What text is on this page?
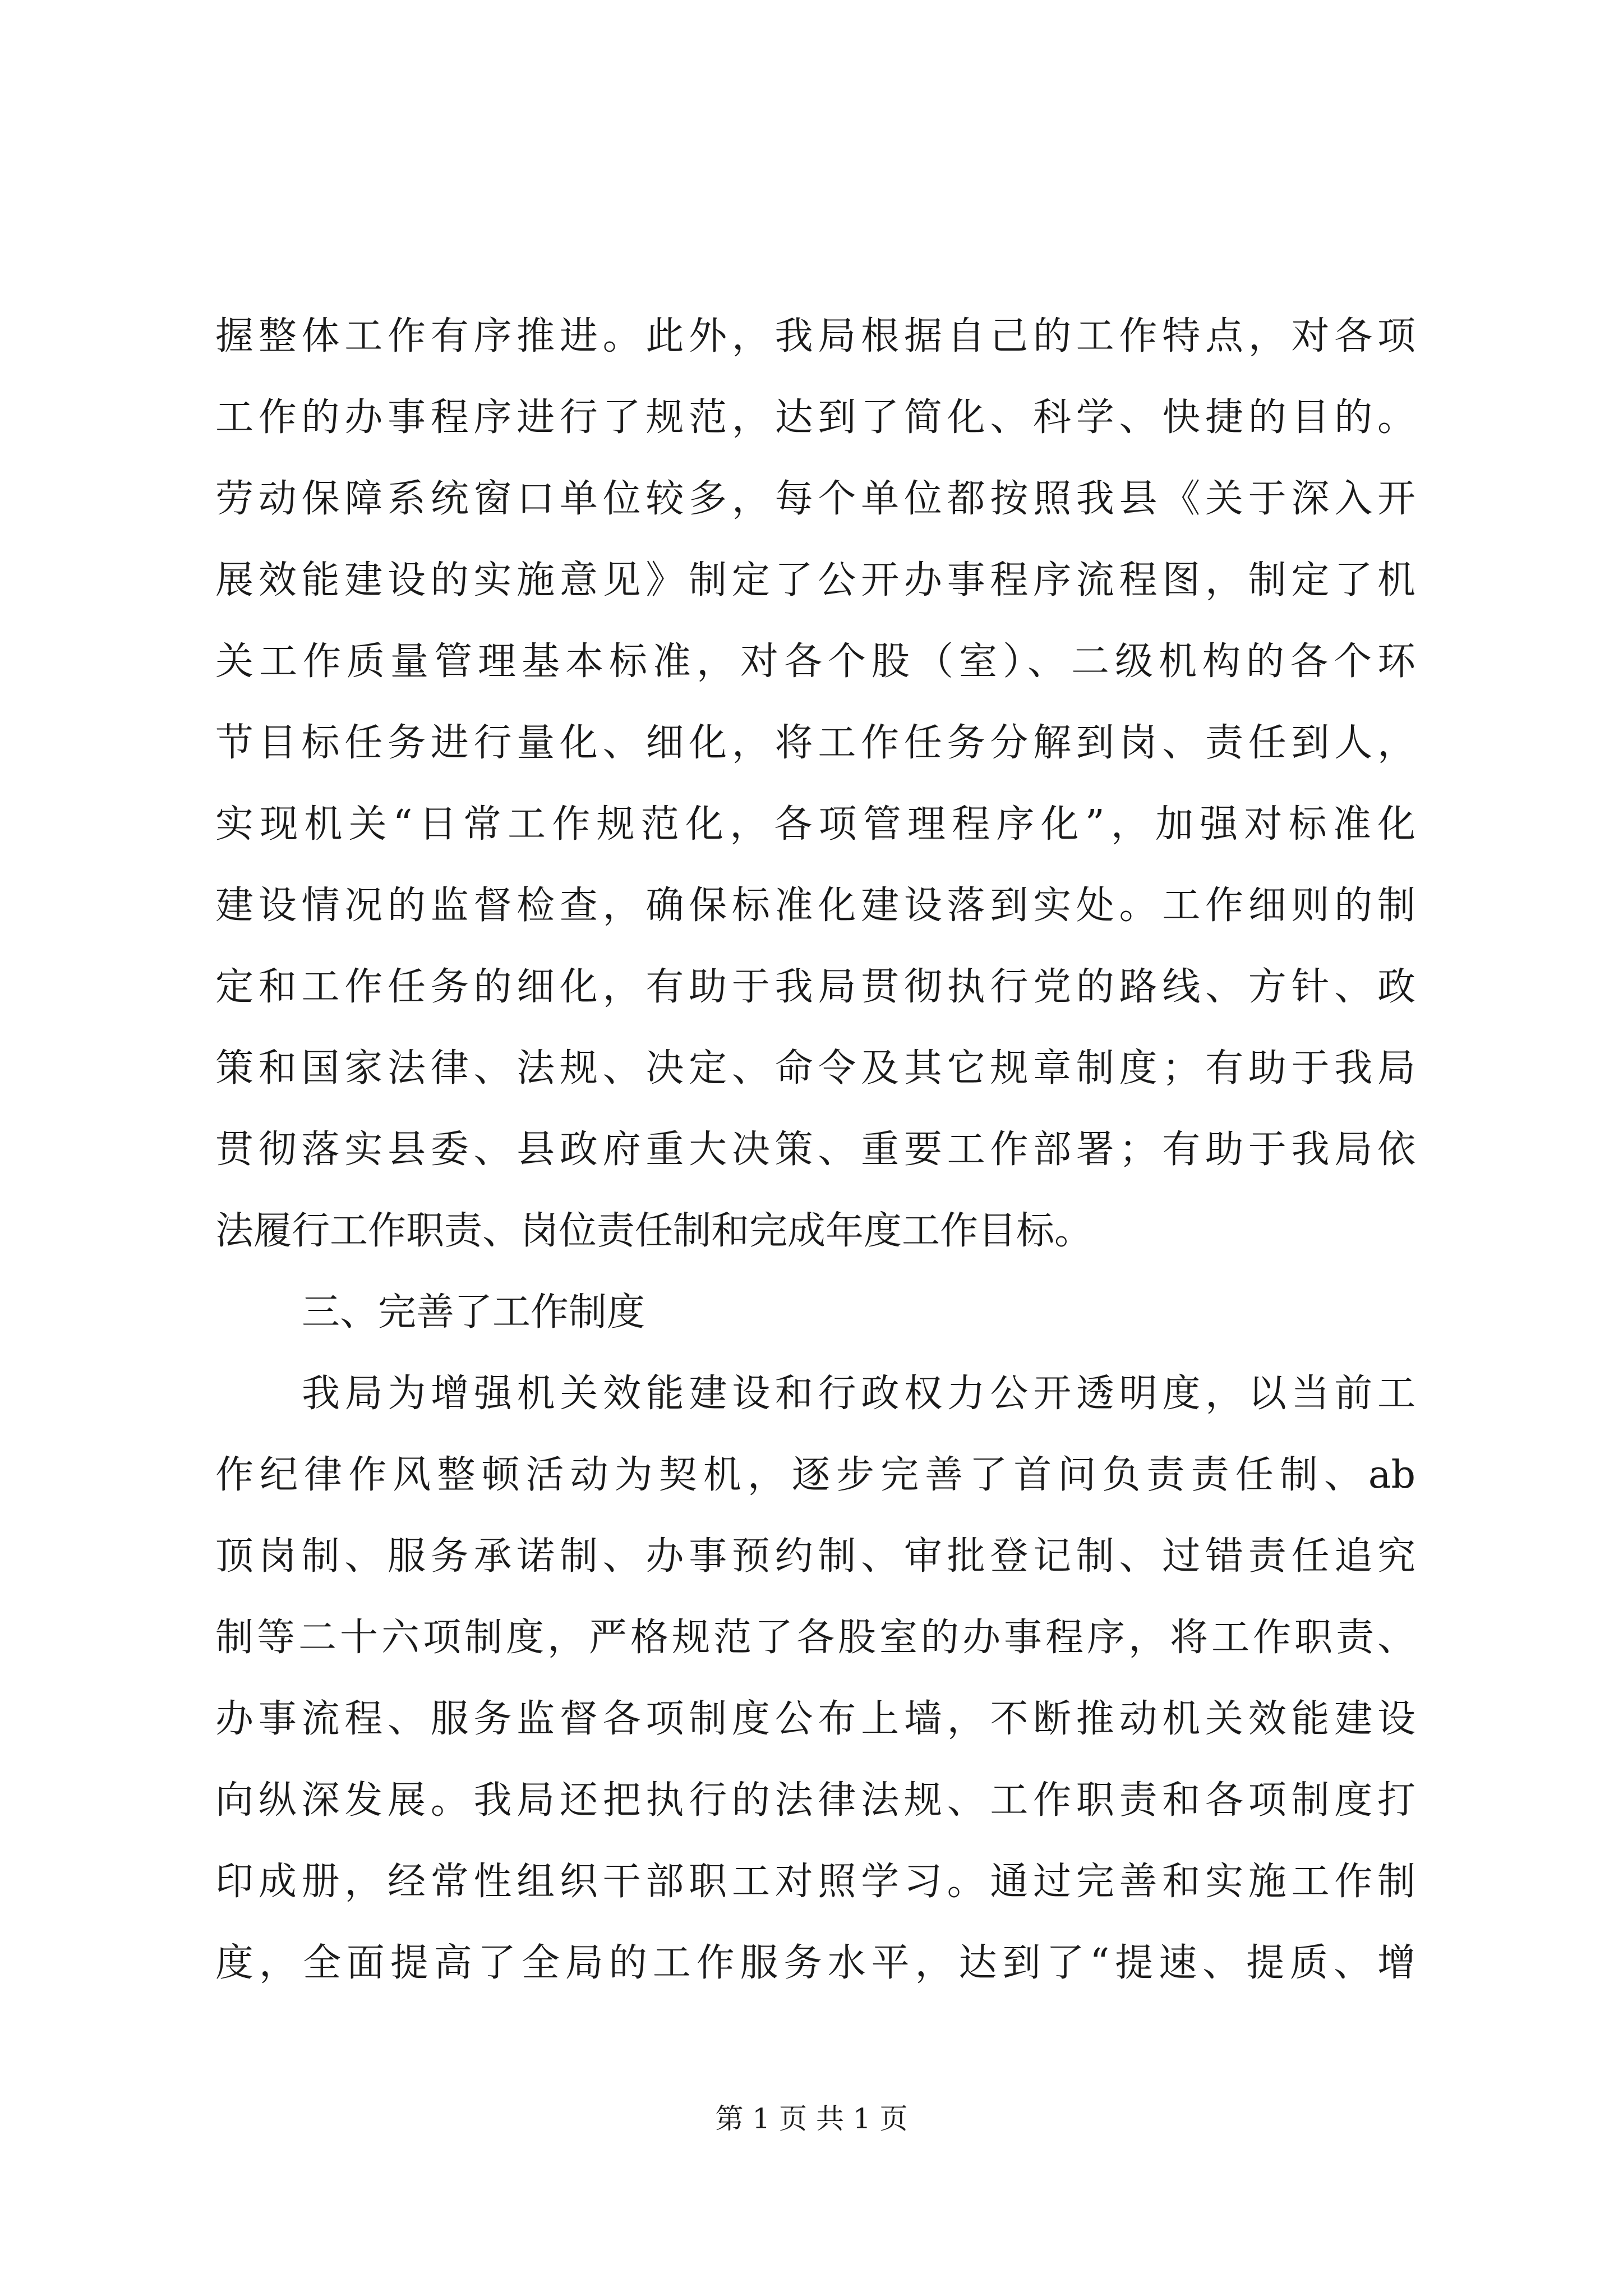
握整体工作有序推进。此外，我局根据自己的工作特点，对各项
工作的办事程序进行了规范，达到了简化、科学、快捷的目的。
劳动保障系统窗口单位较多，每个单位都按照我县《关于深入开
展效能建设的实施意见》制定了公开办事程序流程图，制定了机
关工作质量管理基本标准，对各个股（室）、二级机构的各个环
节目标任务进行量化、细化，将工作任务分解到岗、责任到人，
实现机关“日常工作规范化，各项管理程序化”，加强对标准化
建设情况的监督检查，确保标准化建设落到实处。工作细则的制
定和工作任务的细化，有助于我局贯彻执行党的路线、方针、政
策和国家法律、法规、决定、命令及其它规章制度；有助于我局
贯彻落实县委、县政府重大决策、重要工作部署；有助于我局依
法履行工作职责、岗位责任制和完成年度工作目标。
三、完善了工作制度
我局为增强机关效能建设和行政权力公开透明度，以当前工
作纪律作风整顿活动为契机，逐步完善了首问负责责任制、ab
顶岗制、服务承诺制、办事预约制、审批登记制、过错责任追究
制等二十六项制度，严格规范了各股室的办事程序，将工作职责、
办事流程、服务监督各项制度公布上墙，不断推动机关效能建设
向纵深发展。我局还把执行的法律法规、工作职责和各项制度打
印成册，经常性组织干部职工对照学习。通过完善和实施工作制
度，全面提高了全局的工作服务水平，达到了“提速、提质、增
第 1 页 共 1 页
